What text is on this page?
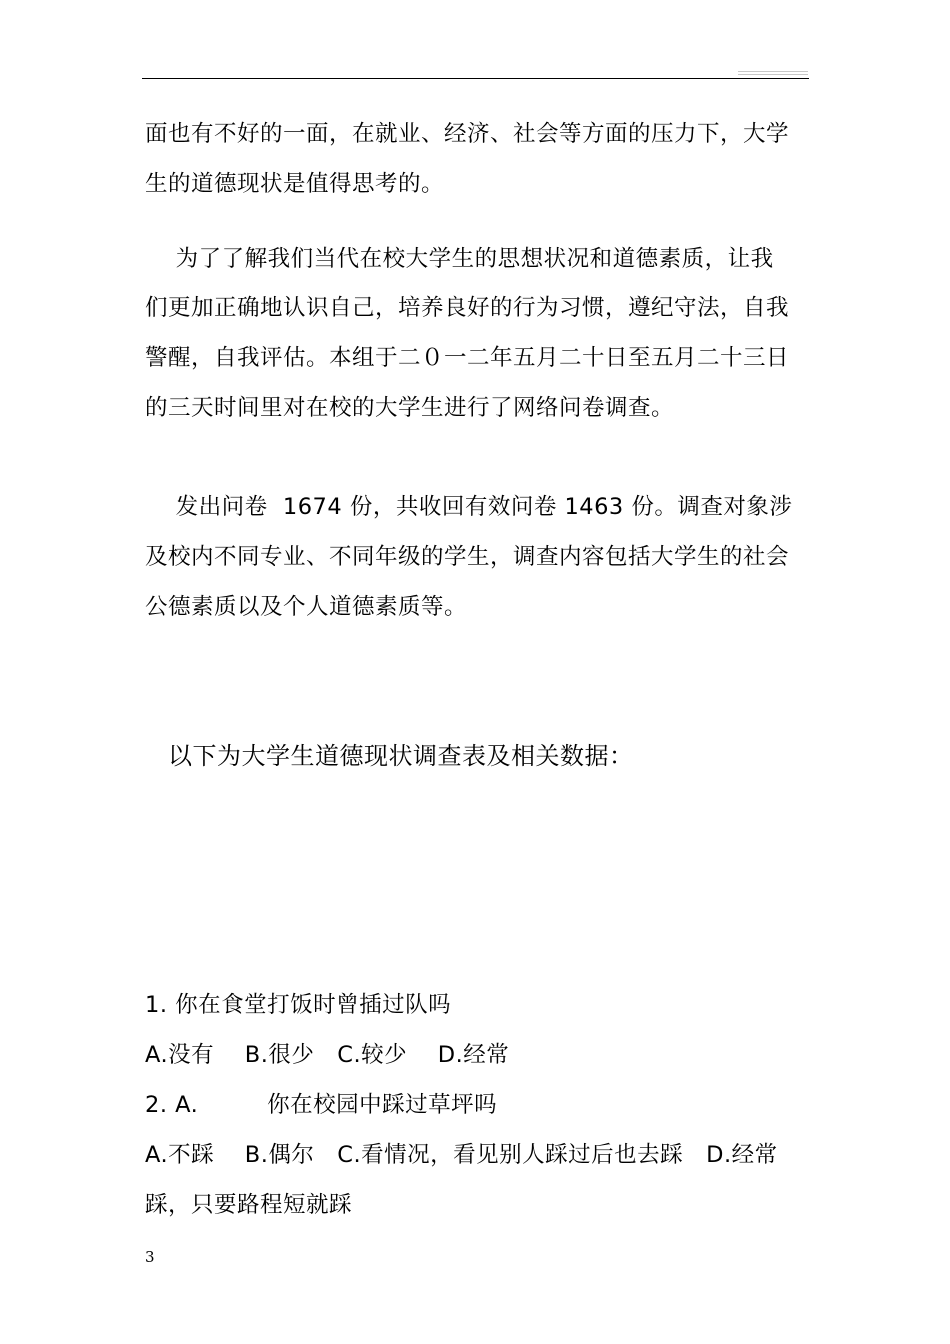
面也有不好的一面，在就业、经济、社会等方面的压力下，大学
生的道德现状是值得思考的。
为了了解我们当代在校大学生的思想状况和道德素质，让我
们更加正确地认识自己，培养良好的行为习惯，遵纪守法，自我
警醒，自我评估。本组于二０一二年五月二十日至五月二十三日
的三天时间里对在校的大学生进行了网络问卷调查。
发出问卷  1674 份，共收回有效问卷 1463 份。调查对象涉
及校内不同专业、不同年级的学生，调查内容包括大学生的社会
公德素质以及个人道德素质等。
以下为大学生道德现状调查表及相关数据：
1. 你在食堂打饭时曾插过队吗
A.没有    B.很少   C.较少    D.经常
2. A.         你在校园中踩过草坪吗
A.不踩    B.偶尔   C.看情况，看见别人踩过后也去踩   D.经常
踩，只要路程短就踩
3
